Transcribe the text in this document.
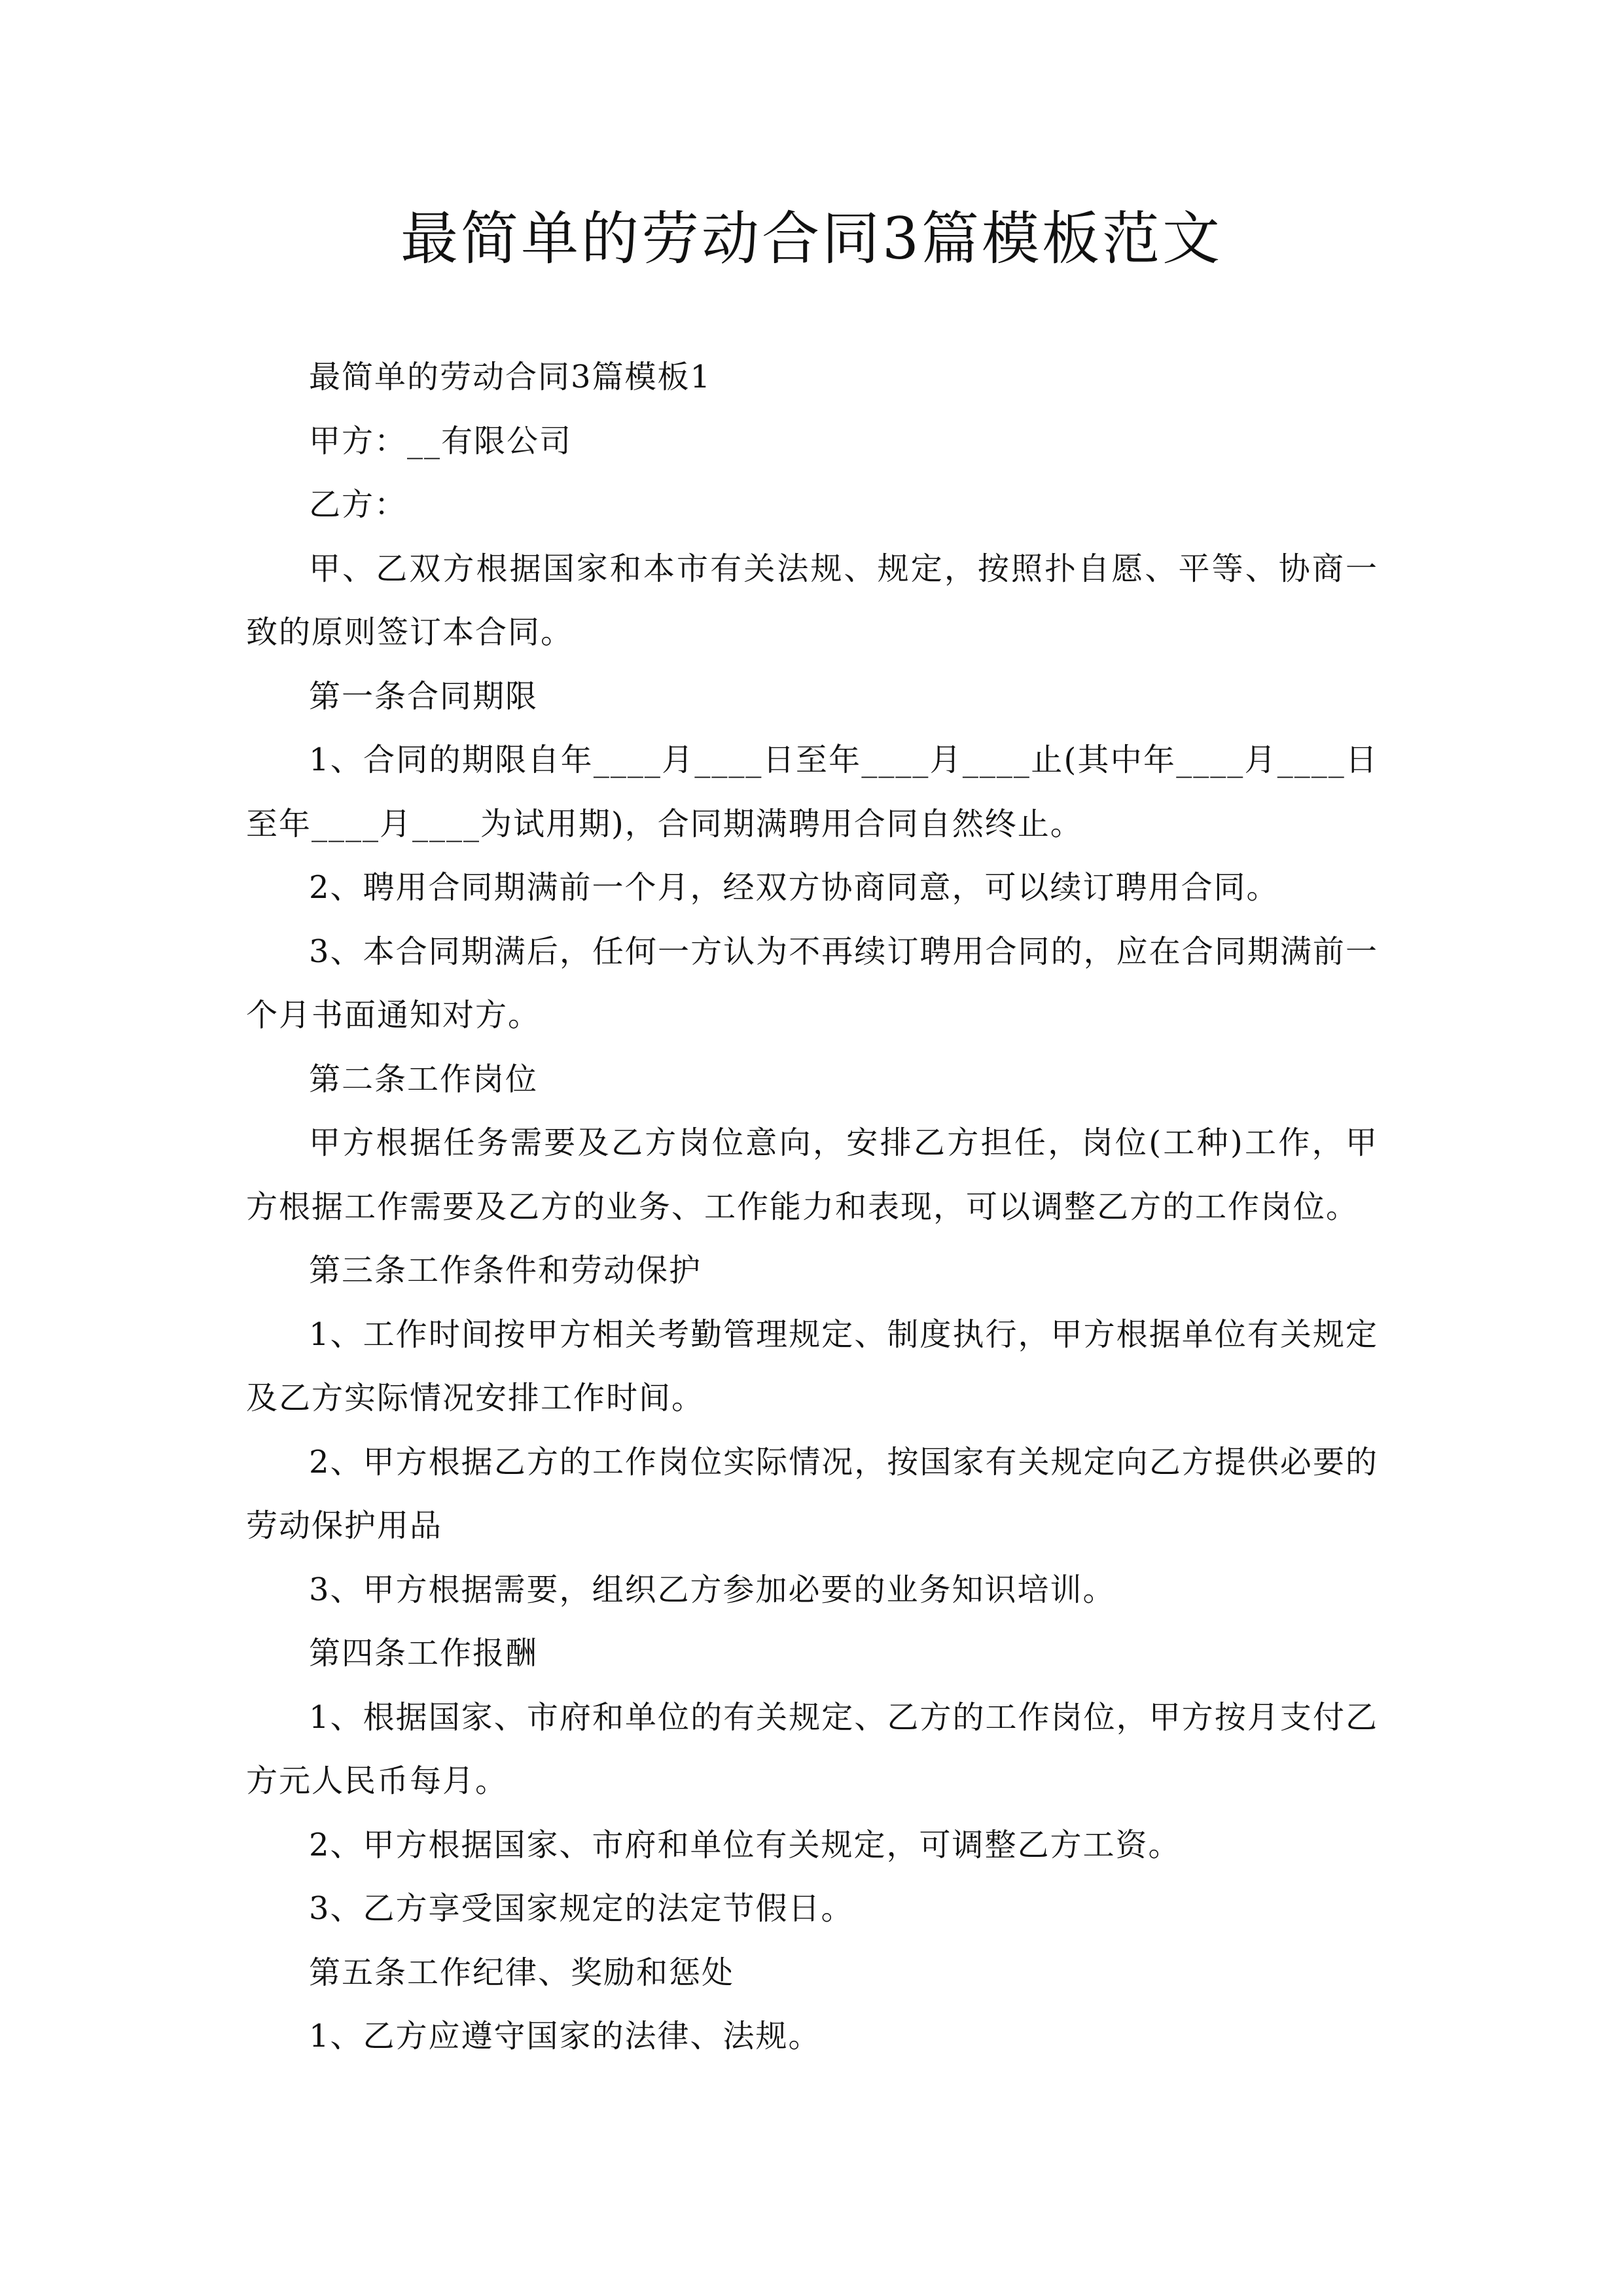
最简单的劳动合同3篇模板范文

最简单的劳动合同3篇模板1

甲方：__有限公司

乙方：

甲、乙双方根据国家和本市有关法规、规定，按照扑自愿、平等、协商一致的原则签订本合同。

第一条合同期限

1、合同的期限自年____月____日至年____月____止(其中年____月____日至年____月____为试用期)，合同期满聘用合同自然终止。

2、聘用合同期满前一个月，经双方协商同意，可以续订聘用合同。

3、本合同期满后，任何一方认为不再续订聘用合同的，应在合同期满前一个月书面通知对方。

第二条工作岗位

甲方根据任务需要及乙方岗位意向，安排乙方担任，岗位(工种)工作，甲方根据工作需要及乙方的业务、工作能力和表现，可以调整乙方的工作岗位。

第三条工作条件和劳动保护

1、工作时间按甲方相关考勤管理规定、制度执行，甲方根据单位有关规定及乙方实际情况安排工作时间。

2、甲方根据乙方的工作岗位实际情况，按国家有关规定向乙方提供必要的劳动保护用品

3、甲方根据需要，组织乙方参加必要的业务知识培训。

第四条工作报酬

1、根据国家、市府和单位的有关规定、乙方的工作岗位，甲方按月支付乙方元人民币每月。

2、甲方根据国家、市府和单位有关规定，可调整乙方工资。

3、乙方享受国家规定的法定节假日。

第五条工作纪律、奖励和惩处

1、乙方应遵守国家的法律、法规。
